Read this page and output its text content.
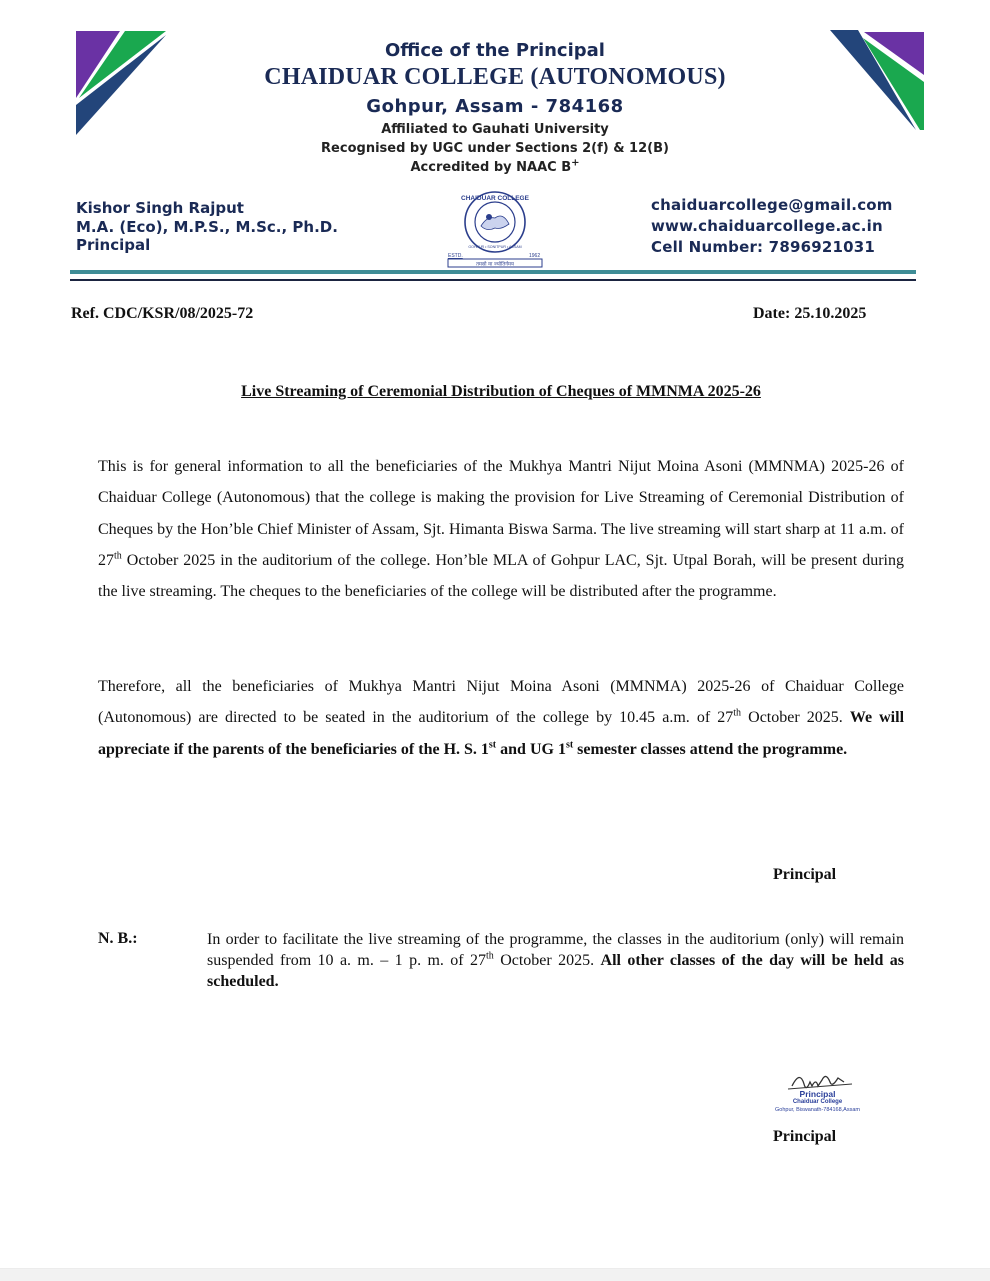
Office of the Principal
CHAIDUAR COLLEGE (AUTONOMOUS)
Gohpur, Assam - 784168
Affiliated to Gauhati University
Recognised by UGC under Sections 2(f) & 12(B)
Accredited by NAAC B+
Kishor Singh Rajput
M.A. (Eco), M.P.S., M.Sc., Ph.D.
Principal
CHAIDUAR COLLEGE
GOHPUR • SONITPUR • ASSAM
ESTD.	1962
तमसो मा ज्योतिर्गमय
chaiduarcollege@gmail.com
www.chaiduarcollege.ac.in
Cell Number: 7896921031
Ref. CDC/KSR/08/2025-72	Date: 25.10.2025
Live Streaming of Ceremonial Distribution of Cheques of MMNMA 2025-26
This is for general information to all the beneficiaries of the Mukhya Mantri Nijut Moina Asoni (MMNMA) 2025-26 of Chaiduar College (Autonomous) that the college is making the provision for Live Streaming of Ceremonial Distribution of Cheques by the Hon’ble Chief Minister of Assam, Sjt. Himanta Biswa Sarma. The live streaming will start sharp at 11 a.m. of 27th October 2025 in the auditorium of the college. Hon’ble MLA of Gohpur LAC, Sjt. Utpal Borah, will be present during the live streaming. The cheques to the beneficiaries of the college will be distributed after the programme.
Therefore, all the beneficiaries of Mukhya Mantri Nijut Moina Asoni (MMNMA) 2025-26 of Chaiduar College (Autonomous) are directed to be seated in the auditorium of the college by 10.45 a.m. of 27th October 2025. We will appreciate if the parents of the beneficiaries of the H. S. 1st and UG 1st semester classes attend the programme.
Principal
N. B.:	In order to facilitate the live streaming of the programme, the classes in the auditorium (only) will remain suspended from 10 a. m. – 1 p. m. of 27th October 2025. All other classes of the day will be held as scheduled.
Principal
Chaiduar College
Gohpur, Biswanath-784168,Assam
Principal
